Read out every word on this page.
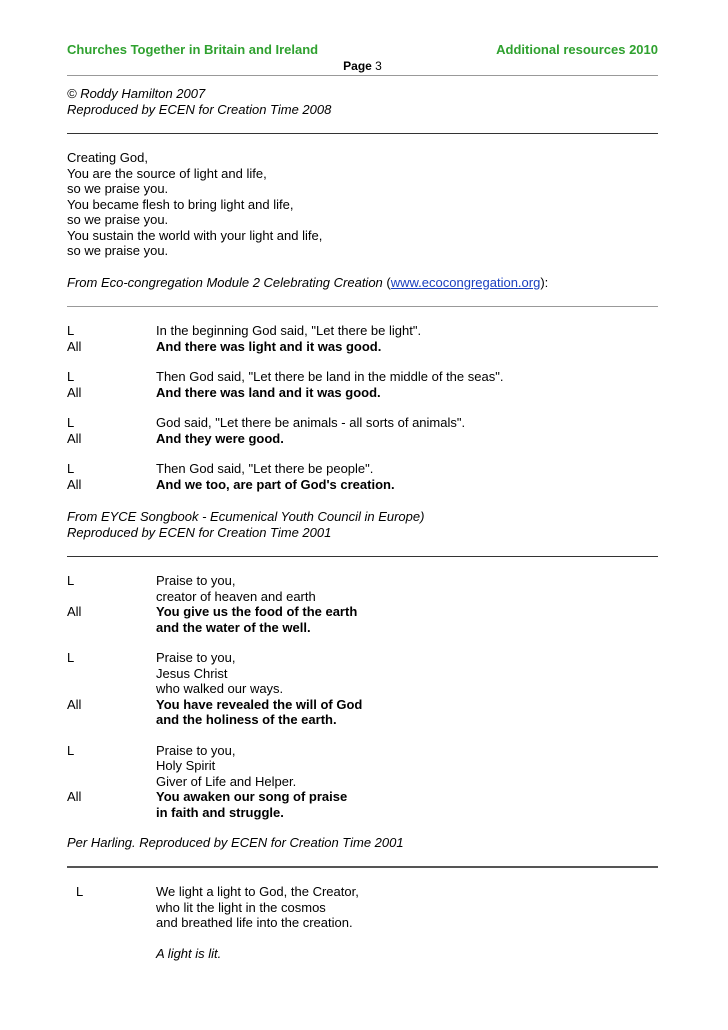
Churches Together in Britain and Ireland	Additional resources 2010
Page 3
© Roddy Hamilton 2007
Reproduced by ECEN for Creation Time 2008
Creating God,
You are the source of light and life,
so we praise you.
You became flesh to bring light and life,
so we praise you.
You sustain the world with your light and life,
so we praise you.
From Eco-congregation Module 2 Celebrating Creation (www.ecocongregation.org):
L	In the beginning God said, "Let there be light".
All	And there was light and it was good.
L	Then God said, "Let there be land in the middle of the seas".
All	And there was land and it was good.
L	God said, "Let there be animals - all sorts of animals".
All	And they were good.
L	Then God said, "Let there be people".
All	And we too, are part of God's creation.
From EYCE Songbook - Ecumenical Youth Council in Europe)
Reproduced by ECEN for Creation Time 2001
L	Praise to you,
creator of heaven and earth
All	You give us the food of the earth
and the water of the well.
L	Praise to you,
Jesus Christ
who walked our ways.
All	You have revealed the will of God
and the holiness of the earth.
L	Praise to you,
Holy Spirit
Giver of Life and Helper.
All	You awaken our song of praise
in faith and struggle.
Per Harling. Reproduced by ECEN for Creation Time 2001
L	We light a light to God, the Creator,
who lit the light in the cosmos
and breathed life into the creation.
A light is lit.
